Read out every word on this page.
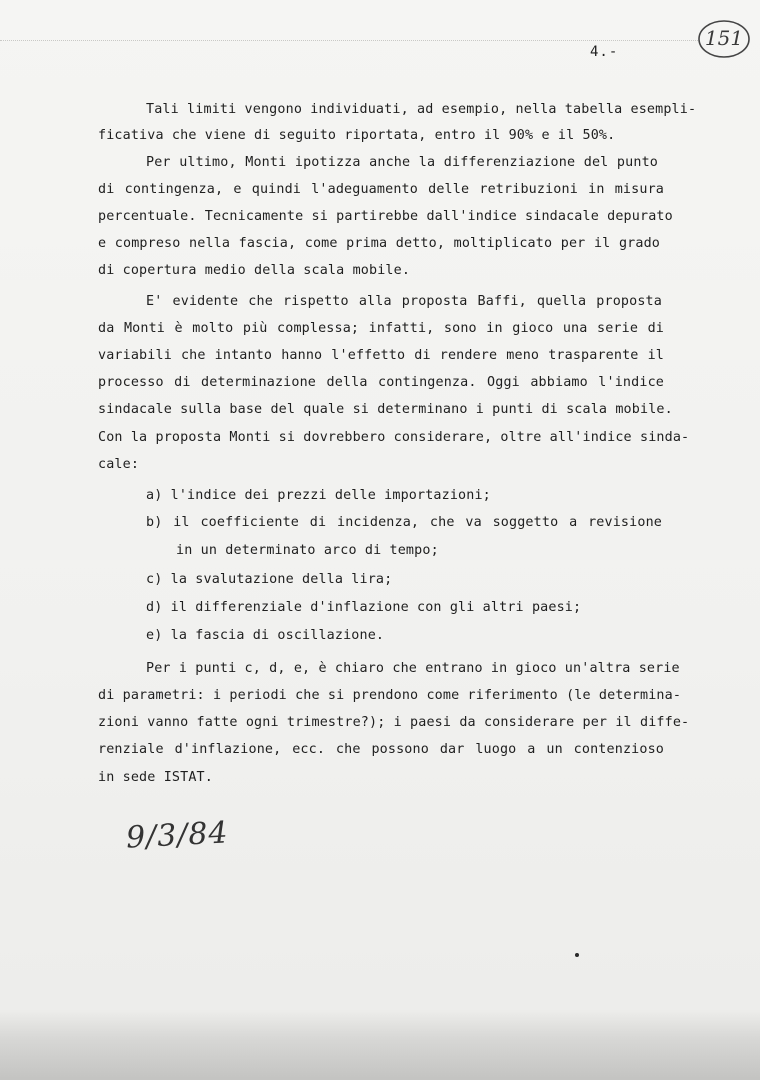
4.-
151
Tali limiti vengono individuati, ad esempio, nella tabella esempli-
ficativa che viene di seguito riportata, entro il 90% e il 50%.
Per ultimo, Monti ipotizza anche la differenziazione del punto
di contingenza, e quindi l'adeguamento delle retribuzioni in misura
percentuale. Tecnicamente si partirebbe dall'indice sindacale depurato
e compreso nella fascia, come prima detto, moltiplicato per il grado
di copertura medio della scala mobile.
E' evidente che rispetto alla proposta Baffi, quella proposta
da Monti è molto più complessa; infatti, sono in gioco una serie di
variabili che intanto hanno l'effetto di rendere meno trasparente il
processo di determinazione della contingenza. Oggi abbiamo l'indice
sindacale sulla base del quale si determinano i punti di scala mobile.
Con la proposta Monti si dovrebbero considerare, oltre all'indice sinda-
cale:
a) l'indice dei prezzi delle importazioni;
b) il coefficiente di incidenza, che va soggetto a revisione
in un determinato arco di tempo;
c) la svalutazione della lira;
d) il differenziale d'inflazione con gli altri paesi;
e) la fascia di oscillazione.
Per i punti c, d, e, è chiaro che entrano in gioco un'altra serie
di parametri: i periodi che si prendono come riferimento (le determina-
zioni vanno fatte ogni trimestre?); i paesi da considerare per il diffe-
renziale d'inflazione, ecc. che possono dar luogo a un contenzioso
in sede ISTAT.
9/3/84
